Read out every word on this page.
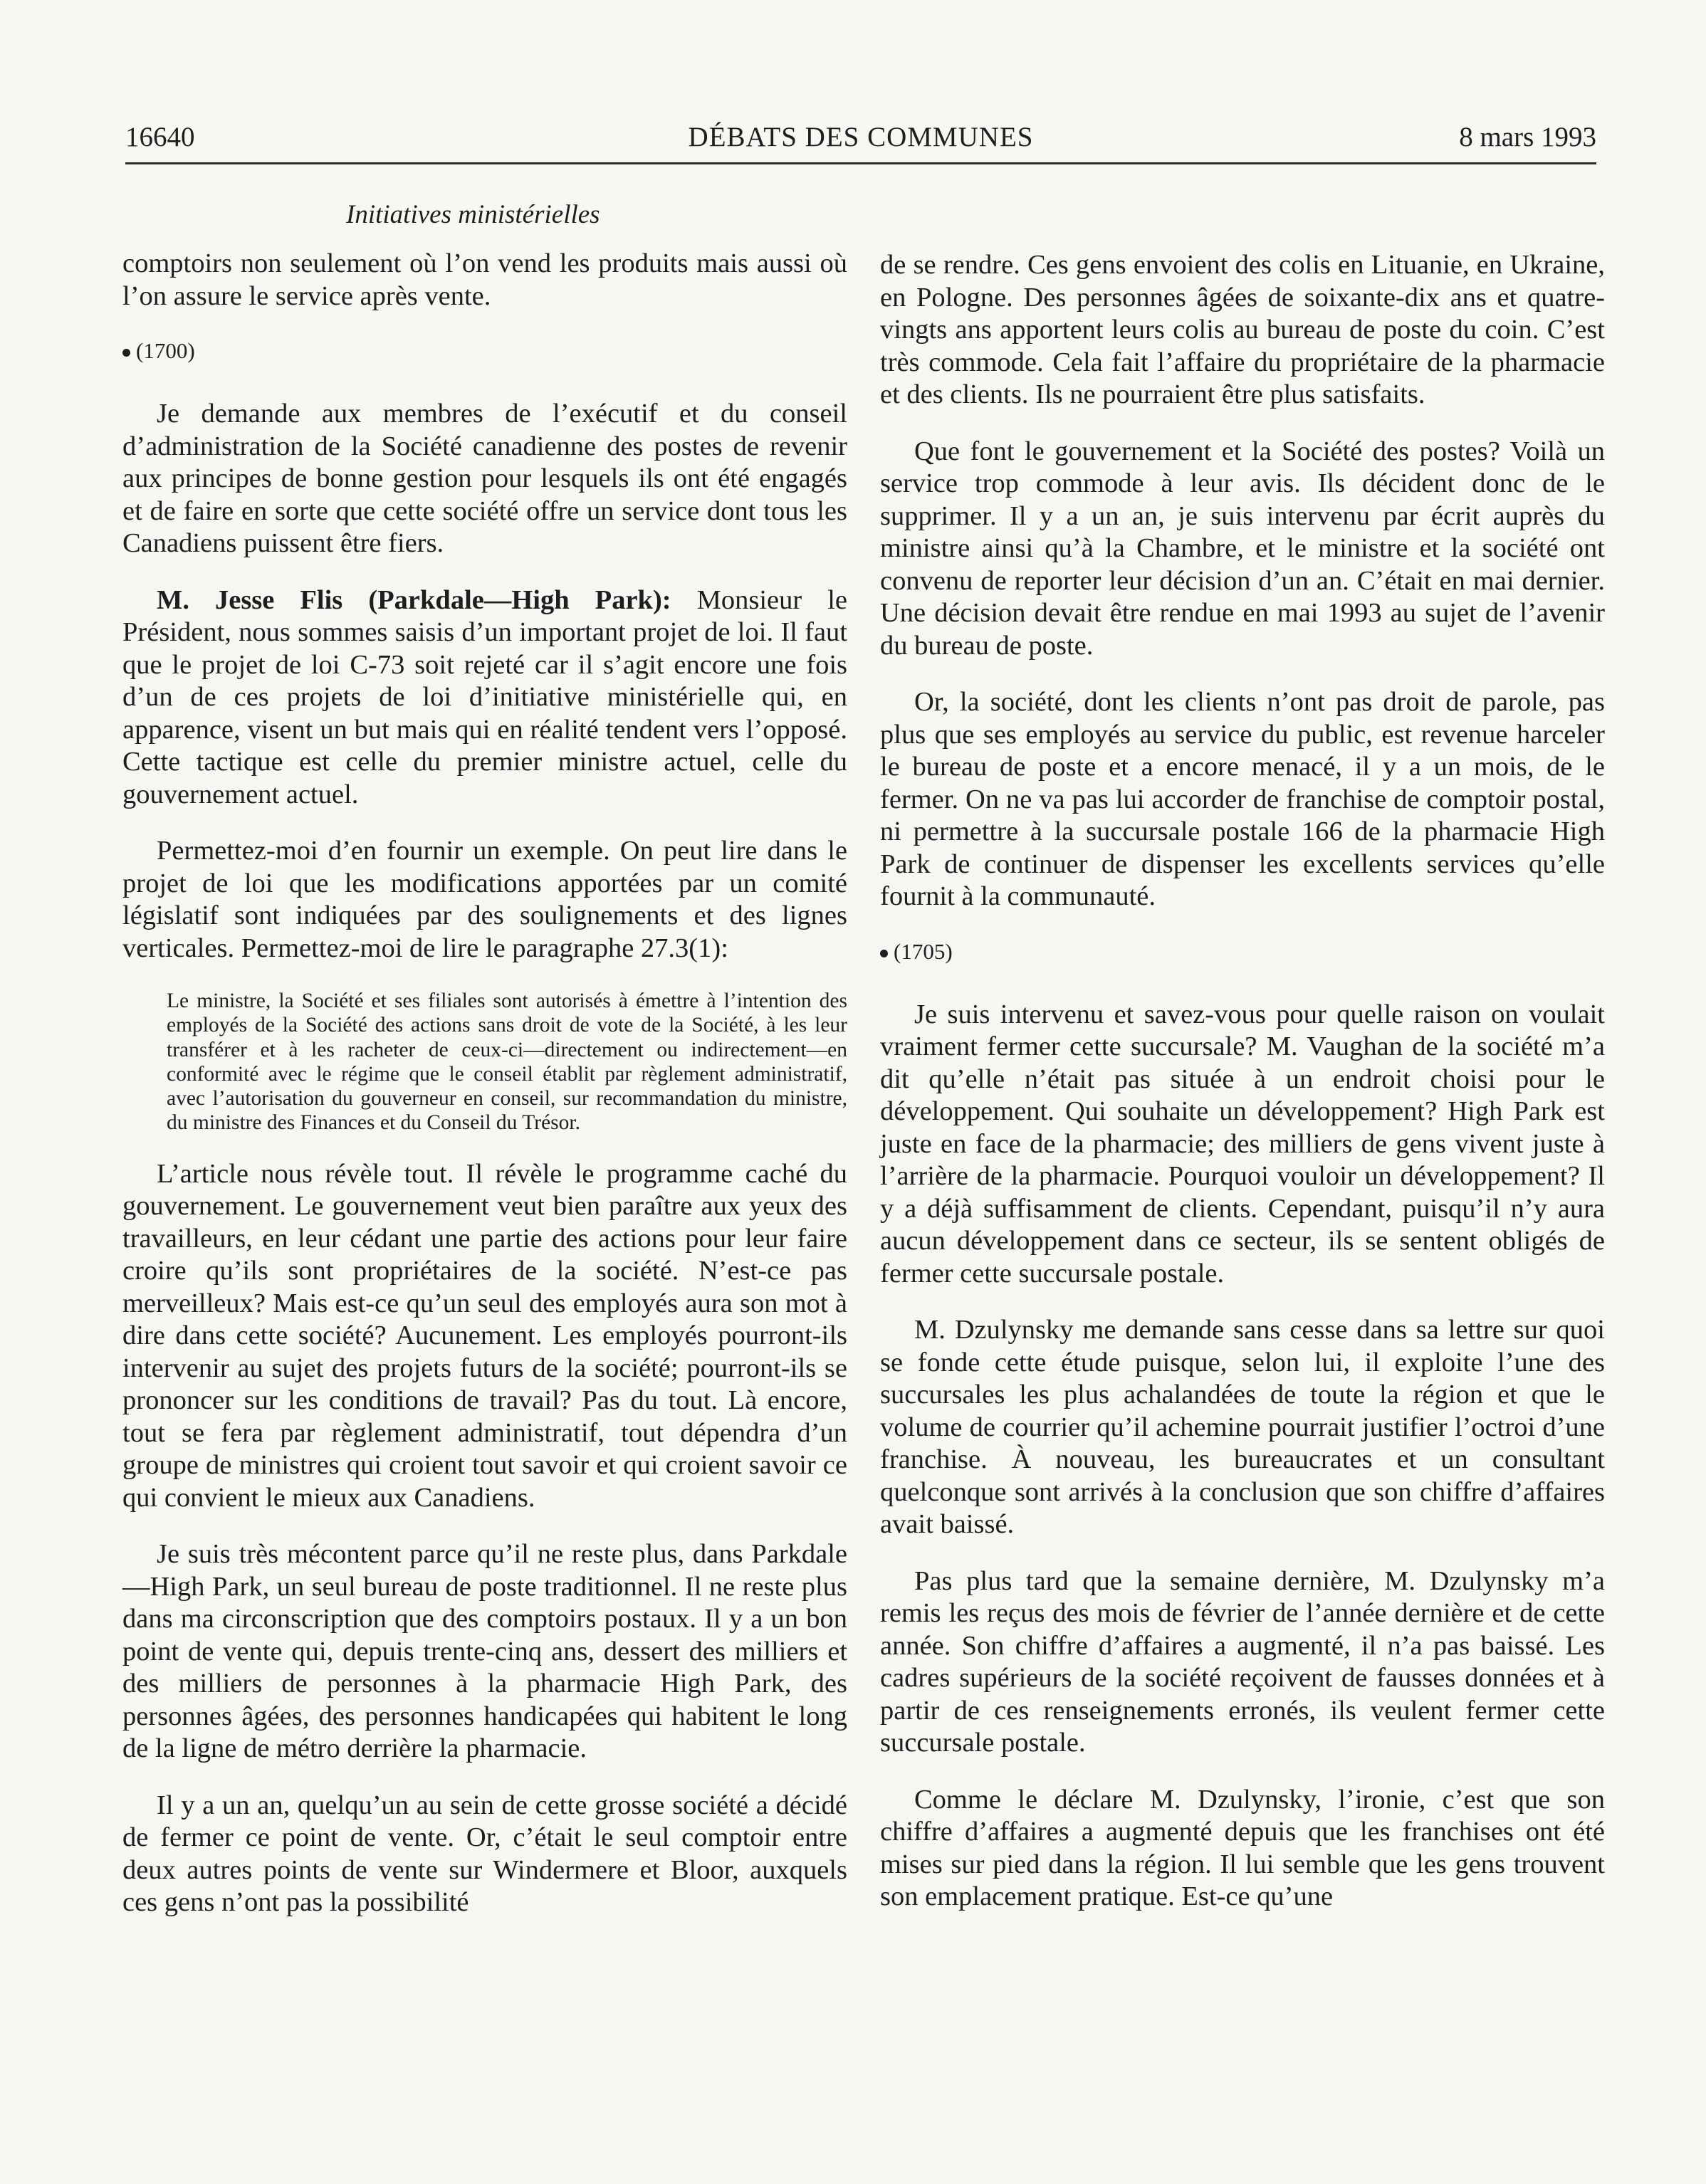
16640	DÉBATS DES COMMUNES	8 mars 1993
Initiatives ministérielles

comptoirs non seulement où l’on vend les produits mais aussi où l’on assure le service après vente.

(1700)

Je demande aux membres de l’exécutif et du conseil d’administration de la Société canadienne des postes de revenir aux principes de bonne gestion pour lesquels ils ont été engagés et de faire en sorte que cette société offre un service dont tous les Canadiens puissent être fiers.

M. Jesse Flis (Parkdale—High Park): Monsieur le Président, nous sommes saisis d’un important projet de loi. Il faut que le projet de loi C-73 soit rejeté car il s’agit encore une fois d’un de ces projets de loi d’initiative ministérielle qui, en apparence, visent un but mais qui en réalité tendent vers l’opposé. Cette tactique est celle du premier ministre actuel, celle du gouvernement actuel.

Permettez-moi d’en fournir un exemple. On peut lire dans le projet de loi que les modifications apportées par un comité législatif sont indiquées par des soulignements et des lignes verticales. Permettez-moi de lire le paragraphe 27.3(1):

Le ministre, la Société et ses filiales sont autorisés à émettre à l’intention des employés de la Société des actions sans droit de vote de la Société, à les leur transférer et à les racheter de ceux-ci—directement ou indirectement—en conformité avec le régime que le conseil établit par règlement administratif, avec l’autorisation du gouverneur en conseil, sur recommandation du ministre, du ministre des Finances et du Conseil du Trésor.

L’article nous révèle tout. Il révèle le programme caché du gouvernement. Le gouvernement veut bien paraître aux yeux des travailleurs, en leur cédant une partie des actions pour leur faire croire qu’ils sont propriétaires de la société. N’est-ce pas merveilleux? Mais est-ce qu’un seul des employés aura son mot à dire dans cette société? Aucunement. Les employés pourront-ils intervenir au sujet des projets futurs de la société; pourront-ils se prononcer sur les conditions de travail? Pas du tout. Là encore, tout se fera par règlement administratif, tout dépendra d’un groupe de ministres qui croient tout savoir et qui croient savoir ce qui convient le mieux aux Canadiens.

Je suis très mécontent parce qu’il ne reste plus, dans Parkdale—High Park, un seul bureau de poste traditionnel. Il ne reste plus dans ma circonscription que des comptoirs postaux. Il y a un bon point de vente qui, depuis trente-cinq ans, dessert des milliers et des milliers de personnes à la pharmacie High Park, des personnes âgées, des personnes handicapées qui habitent le long de la ligne de métro derrière la pharmacie.

Il y a un an, quelqu’un au sein de cette grosse société a décidé de fermer ce point de vente. Or, c’était le seul comptoir entre deux autres points de vente sur Windermere et Bloor, auxquels ces gens n’ont pas la possibilité

de se rendre. Ces gens envoient des colis en Lituanie, en Ukraine, en Pologne. Des personnes âgées de soixante-dix ans et quatre-vingts ans apportent leurs colis au bureau de poste du coin. C’est très commode. Cela fait l’affaire du propriétaire de la pharmacie et des clients. Ils ne pourraient être plus satisfaits.

Que font le gouvernement et la Société des postes? Voilà un service trop commode à leur avis. Ils décident donc de le supprimer. Il y a un an, je suis intervenu par écrit auprès du ministre ainsi qu’à la Chambre, et le ministre et la société ont convenu de reporter leur décision d’un an. C’était en mai dernier. Une décision devait être rendue en mai 1993 au sujet de l’avenir du bureau de poste.

Or, la société, dont les clients n’ont pas droit de parole, pas plus que ses employés au service du public, est revenue harceler le bureau de poste et a encore menacé, il y a un mois, de le fermer. On ne va pas lui accorder de franchise de comptoir postal, ni permettre à la succursale postale 166 de la pharmacie High Park de continuer de dispenser les excellents services qu’elle fournit à la communauté.

(1705)

Je suis intervenu et savez-vous pour quelle raison on voulait vraiment fermer cette succursale? M. Vaughan de la société m’a dit qu’elle n’était pas située à un endroit choisi pour le développement. Qui souhaite un développement? High Park est juste en face de la pharmacie; des milliers de gens vivent juste à l’arrière de la pharmacie. Pourquoi vouloir un développement? Il y a déjà suffisamment de clients. Cependant, puisqu’il n’y aura aucun développement dans ce secteur, ils se sentent obligés de fermer cette succursale postale.

M. Dzulynsky me demande sans cesse dans sa lettre sur quoi se fonde cette étude puisque, selon lui, il exploite l’une des succursales les plus achalandées de toute la région et que le volume de courrier qu’il achemine pourrait justifier l’octroi d’une franchise. À nouveau, les bureaucrates et un consultant quelconque sont arrivés à la conclusion que son chiffre d’affaires avait baissé.

Pas plus tard que la semaine dernière, M. Dzulynsky m’a remis les reçus des mois de février de l’année dernière et de cette année. Son chiffre d’affaires a augmenté, il n’a pas baissé. Les cadres supérieurs de la société reçoivent de fausses données et à partir de ces renseignements erronés, ils veulent fermer cette succursale postale.

Comme le déclare M. Dzulynsky, l’ironie, c’est que son chiffre d’affaires a augmenté depuis que les franchises ont été mises sur pied dans la région. Il lui semble que les gens trouvent son emplacement pratique. Est-ce qu’une
